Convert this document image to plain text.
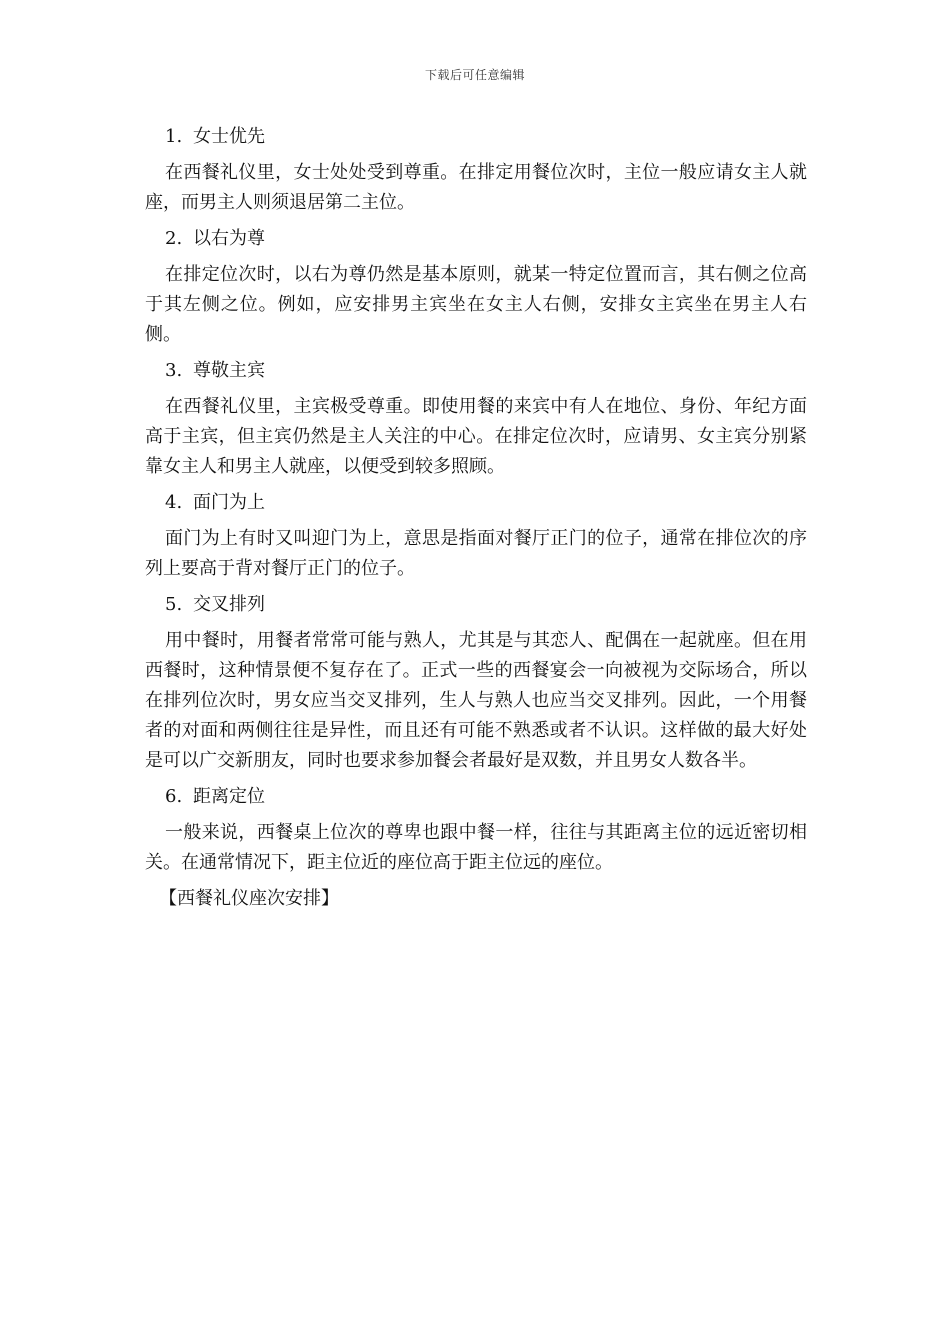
下载后可任意编辑

1. 女士优先

在西餐礼仪里，女士处处受到尊重。在排定用餐位次时，主位一般应请女主人就座，而男主人则须退居第二主位。

2. 以右为尊

在排定位次时，以右为尊仍然是基本原则，就某一特定位置而言，其右侧之位高于其左侧之位。例如，应安排男主宾坐在女主人右侧，安排女主宾坐在男主人右侧。

3. 尊敬主宾

在西餐礼仪里，主宾极受尊重。即使用餐的来宾中有人在地位、身份、年纪方面高于主宾，但主宾仍然是主人关注的中心。在排定位次时，应请男、女主宾分别紧靠女主人和男主人就座，以便受到较多照顾。

4. 面门为上

面门为上有时又叫迎门为上，意思是指面对餐厅正门的位子，通常在排位次的序列上要高于背对餐厅正门的位子。

5. 交叉排列

用中餐时，用餐者常常可能与熟人，尤其是与其恋人、配偶在一起就座。但在用西餐时，这种情景便不复存在了。正式一些的西餐宴会一向被视为交际场合，所以在排列位次时，男女应当交叉排列，生人与熟人也应当交叉排列。因此，一个用餐者的对面和两侧往往是异性，而且还有可能不熟悉或者不认识。这样做的最大好处是可以广交新朋友，同时也要求参加餐会者最好是双数，并且男女人数各半。

6. 距离定位

一般来说，西餐桌上位次的尊卑也跟中餐一样，往往与其距离主位的远近密切相关。在通常情况下，距主位近的座位高于距主位远的座位。

【西餐礼仪座次安排】
